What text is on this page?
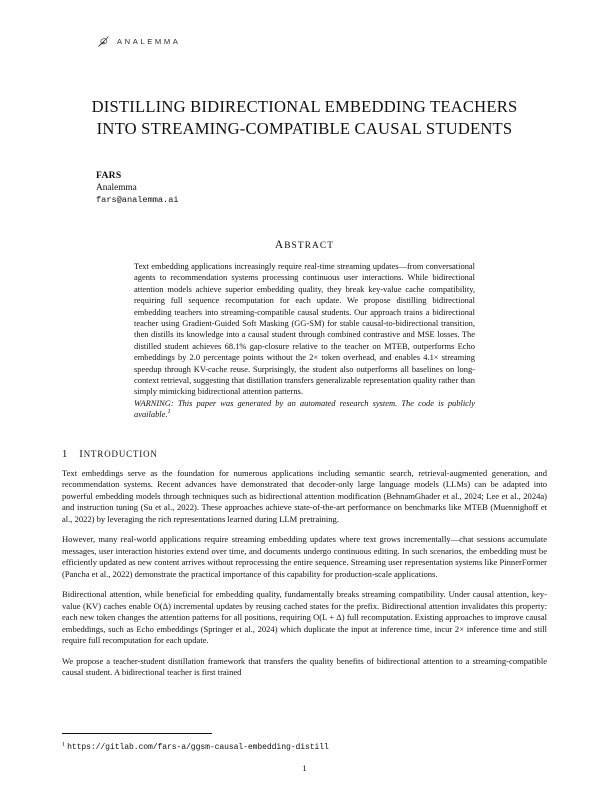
ANALEMMA
DISTILLING BIDIRECTIONAL EMBEDDING TEACHERS
INTO STREAMING-COMPATIBLE CAUSAL STUDENTS
FARS
Analemma
fars@analemma.ai
ABSTRACT

Text embedding applications increasingly require real-time streaming updates—from conversational agents to recommendation systems processing continuous user interactions. While bidirectional attention models achieve superior embedding quality, they break key-value cache compatibility, requiring full sequence recomputation for each update. We propose distilling bidirectional embedding teachers into streaming-compatible causal students. Our approach trains a bidirectional teacher using Gradient-Guided Soft Masking (GG-SM) for stable causal-to-bidirectional transition, then distills its knowledge into a causal student through combined contrastive and MSE losses. The distilled student achieves 68.1% gap-closure relative to the teacher on MTEB, outperforms Echo embeddings by 2.0 percentage points without the 2× token overhead, and enables 4.1× streaming speedup through KV-cache reuse. Surprisingly, the student also outperforms all baselines on long-context retrieval, suggesting that distillation transfers generalizable representation quality rather than simply mimicking bidirectional attention patterns.

WARNING: This paper was generated by an automated research system. The code is publicly available.$^1$

1 INTRODUCTION

Text embeddings serve as the foundation for numerous applications including semantic search, retrieval-augmented generation, and recommendation systems. Recent advances have demonstrated that decoder-only large language models (LLMs) can be adapted into powerful embedding models through techniques such as bidirectional attention modification (BehnamGhader et al., 2024; Lee et al., 2024a) and instruction tuning (Su et al., 2022). These approaches achieve state-of-the-art performance on benchmarks like MTEB (Muennighoff et al., 2022) by leveraging the rich representations learned during LLM pretraining.

However, many real-world applications require streaming embedding updates where text grows incrementally—chat sessions accumulate messages, user interaction histories extend over time, and documents undergo continuous editing. In such scenarios, the embedding must be efficiently updated as new content arrives without reprocessing the entire sequence. Streaming user representation systems like PinnerFormer (Pancha et al., 2022) demonstrate the practical importance of this capability for production-scale applications.

Bidirectional attention, while beneficial for embedding quality, fundamentally breaks streaming compatibility. Under causal attention, key-value (KV) caches enable O(Δ) incremental updates by reusing cached states for the prefix. Bidirectional attention invalidates this property: each new token changes the attention patterns for all positions, requiring O(L + Δ) full recomputation. Existing approaches to improve causal embeddings, such as Echo embeddings (Springer et al., 2024) which duplicate the input at inference time, incur 2× inference time and still require full recomputation for each update.

We propose a teacher-student distillation framework that transfers the quality benefits of bidirectional attention to a streaming-compatible causal student. A bidirectional teacher is first trained

$^1$ https://gitlab.com/fars-a/ggsm-causal-embedding-distill
1
